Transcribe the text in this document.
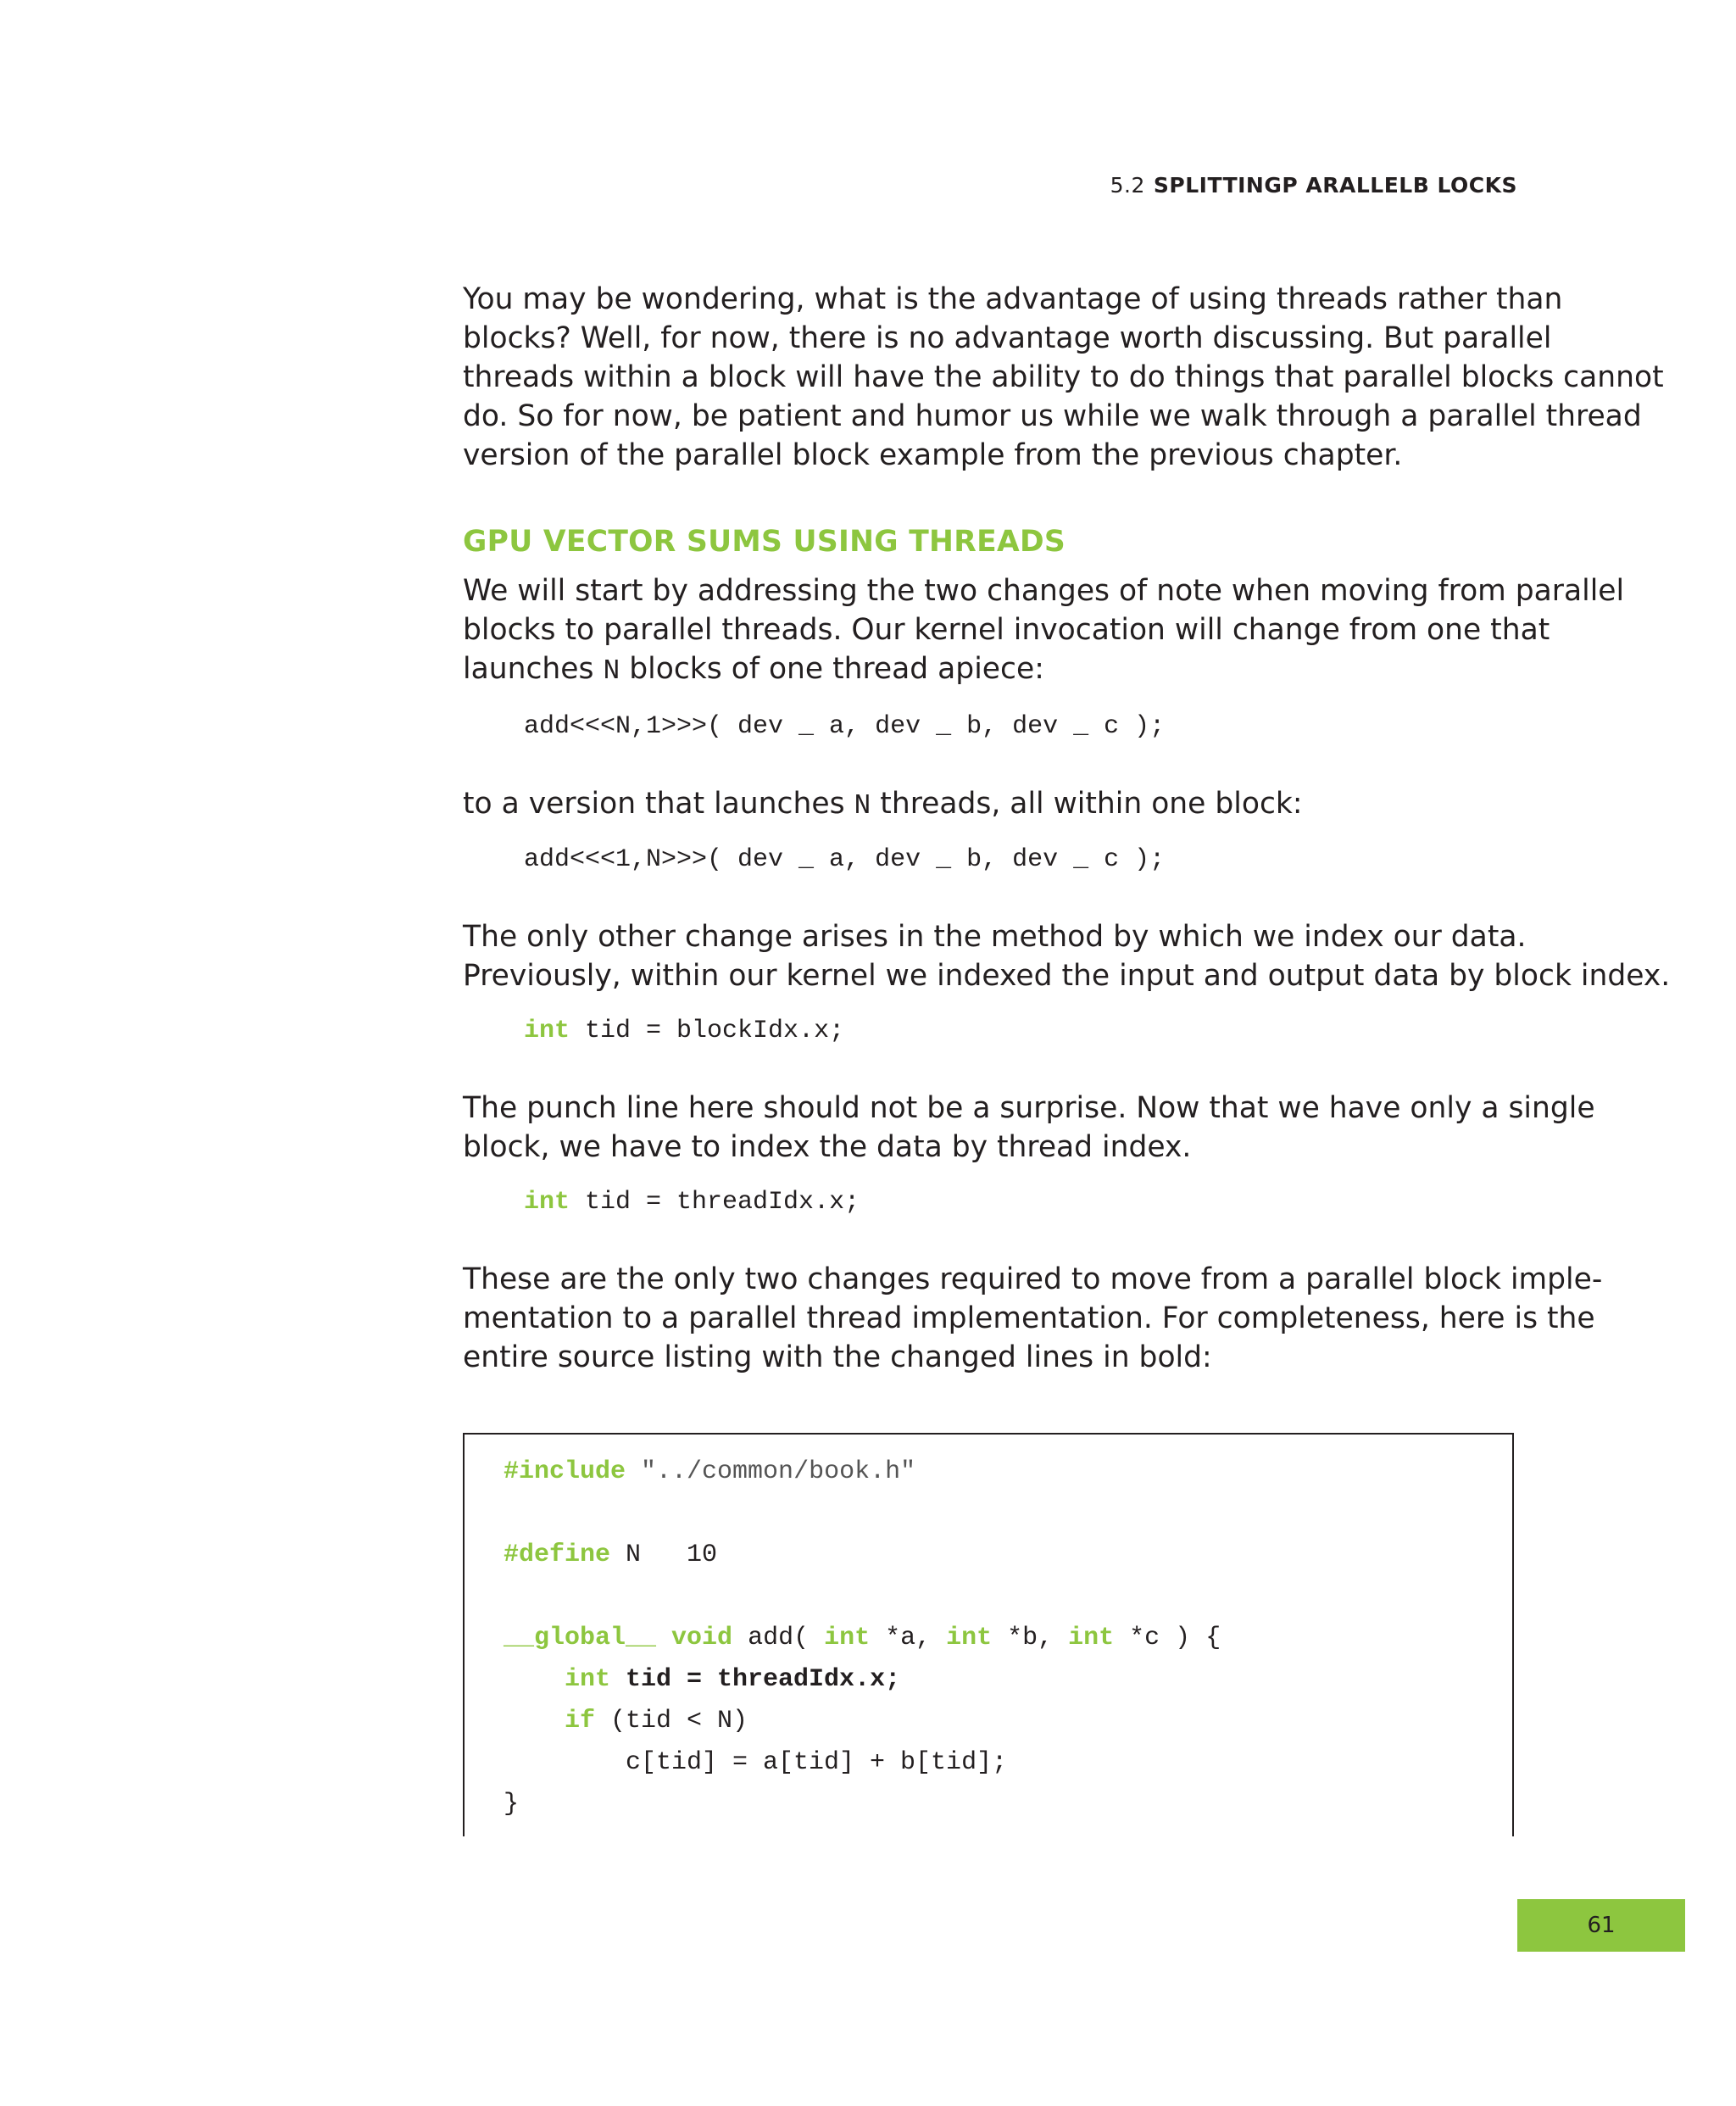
5.2 SPLITTINGP ARALLELB LOCKS

You may be wondering, what is the advantage of using threads rather than

blocks? Well, for now, there is no advantage worth discussing. But parallel

threads within a block will have the ability to do things that parallel blocks cannot

do. So for now, be patient and humor us while we walk through a parallel thread

version of the parallel block example from the previous chapter.

GPU VECTOR SUMS USING THREADS

We will start by addressing the two changes of note when moving from parallel

blocks to parallel threads. Our kernel invocation will change from one that

launches N blocks of one thread apiece:

add<<<N,1>>>( dev _ a, dev _ b, dev _ c );

to a version that launches N threads, all within one block:

add<<<1,N>>>( dev _ a, dev _ b, dev _ c );

The only other change arises in the method by which we index our data.

Previously, within our kernel we indexed the input and output data by block index.

int tid = blockIdx.x;

The punch line here should not be a surprise. Now that we have only a single

block, we have to index the data by thread index.

int tid = threadIdx.x;

These are the only two changes required to move from a parallel block imple-

mentation to a parallel thread implementation. For completeness, here is the

entire source listing with the changed lines in bold:

#include "../common/book.h"
#define N   10
__global__ void add( int *a, int *b, int *c ) {
int tid = threadIdx.x;
if (tid < N)
c[tid] = a[tid] + b[tid];
}
61
